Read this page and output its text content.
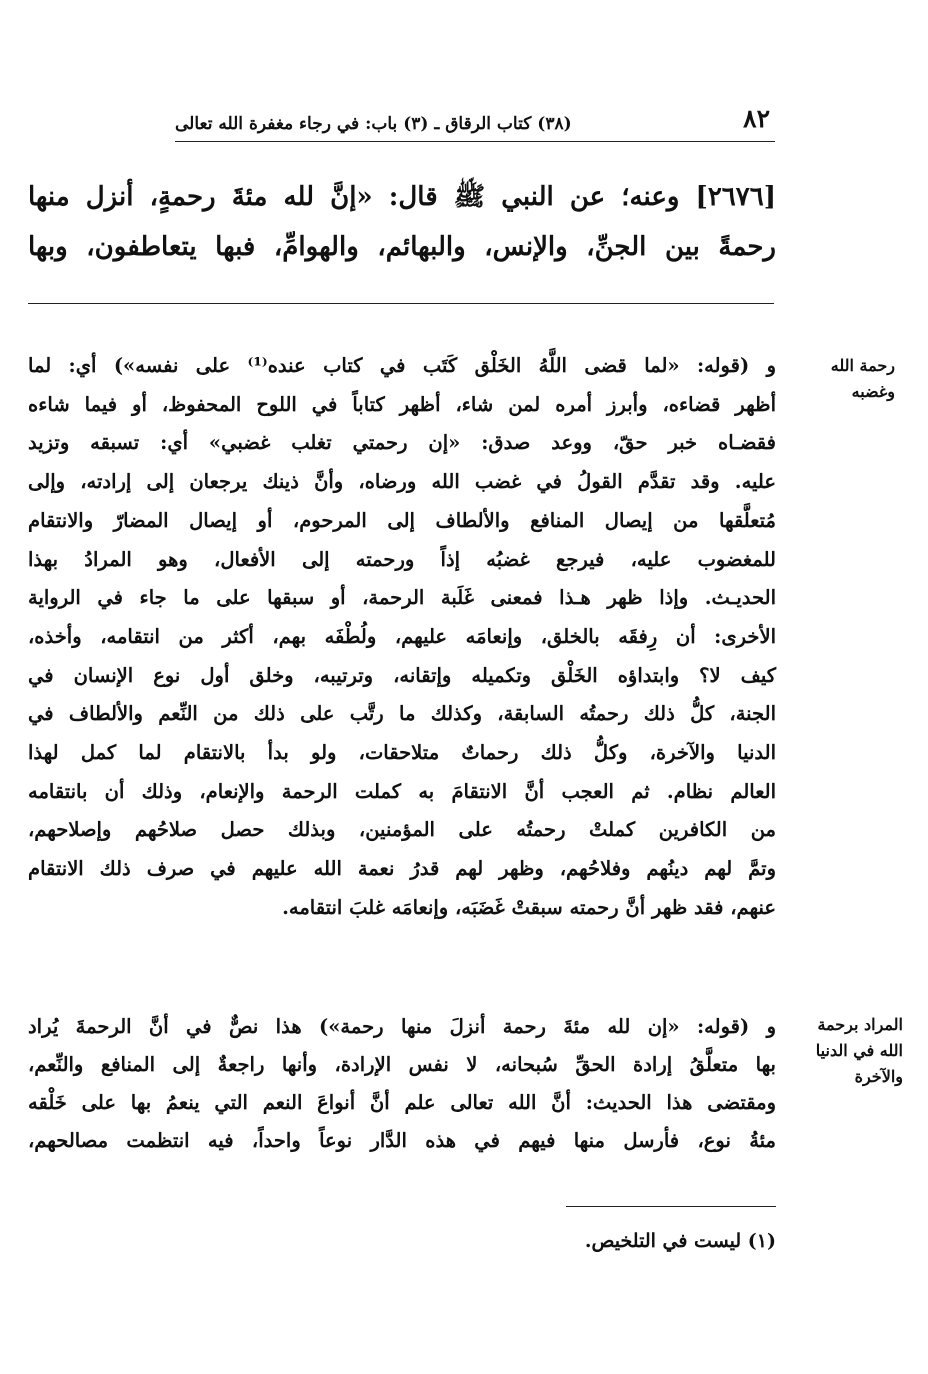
٨٢
(٣٨) كتاب الرقاق ـ (٣) باب: في رجاء مغفرة الله تعالى

[٢٦٧٦] وعنه؛ عن النبي ﷺ قال: «إنَّ لله مئةَ رحمةٍ، أنزل منها

رحمةً بين الجنِّ، والإنس، والبهائم، والهوامِّ، فبها يتعاطفون، وبها

رحمة الله
وغضبه
و (قوله: «لما قضى اللَّهُ الخَلْق كَتَب في كتاب عنده⁽¹⁾ على نفسه») أي: لما
أظهر قضاءه، وأبرز أمره لمن شاء، أظهر كتاباً في اللوح المحفوظ، أو فيما شاءه
فقضـاه خبر حقّ، ووعد صدق: «إن رحمتي تغلب غضبي» أي: تسبقه وتزيد
عليه. وقد تقدَّم القولُ في غضب الله ورضاه، وأنَّ ذينك يرجعان إلى إرادته، وإلى
مُتعلَّقها من إيصال المنافع والألطاف إلى المرحوم، أو إيصال المضارّ والانتقام
للمغضوب عليه، فيرجع غضبُه إذاً ورحمته إلى الأفعال، وهو المرادُ بهذا
الحديـث. وإذا ظهر هـذا فمعنى غَلَبة الرحمة، أو سبقها على ما جاء في الرواية
الأخرى: أن رِفقَه بالخلق، وإنعامَه عليهم، ولُطْفَه بهم، أكثر من انتقامه، وأخذه،
كيف لا؟ وابتداؤه الخَلْق وتكميله وإتقانه، وترتيبه، وخلق أول نوع الإنسان في
الجنة، كلُّ ذلك رحمتُه السابقة، وكذلك ما رتَّب على ذلك من النِّعم والألطاف في
الدنيا والآخرة، وكلُّ ذلك رحماتٌ متلاحقات، ولو بدأ بالانتقام لما كمل لهذا
العالم نظام. ثم العجب أنَّ الانتقامَ به كملت الرحمة والإنعام، وذلك أن بانتقامه
من الكافرين كملتْ رحمتُه على المؤمنين، وبذلك حصل صلاحُهم وإصلاحهم،
وتمَّ لهم دينُهم وفلاحُهم، وظهر لهم قدرُ نعمة الله عليهم في صرف ذلك الانتقام
عنهم، فقد ظهر أنَّ رحمته سبقتْ غَضَبَه، وإنعامَه غلبَ انتقامه.
المراد برحمة
الله في الدنيا
والآخرة
و (قوله: «إن لله مئةَ رحمة أنزلَ منها رحمة») هذا نصٌّ في أنَّ الرحمةَ يُراد
بها متعلَّقُ إرادة الحقِّ سُبحانه، لا نفس الإرادة، وأنها راجعةٌ إلى المنافع والنِّعم،
ومقتضى هذا الحديث: أنَّ الله تعالى علم أنَّ أنواعَ النعم التي ينعمُ بها على خَلْقه
مئةُ نوع، فأرسل منها فيهم في هذه الدَّار نوعاً واحداً، فيه انتظمت مصالحهم،
(١) ليست في التلخيص.
